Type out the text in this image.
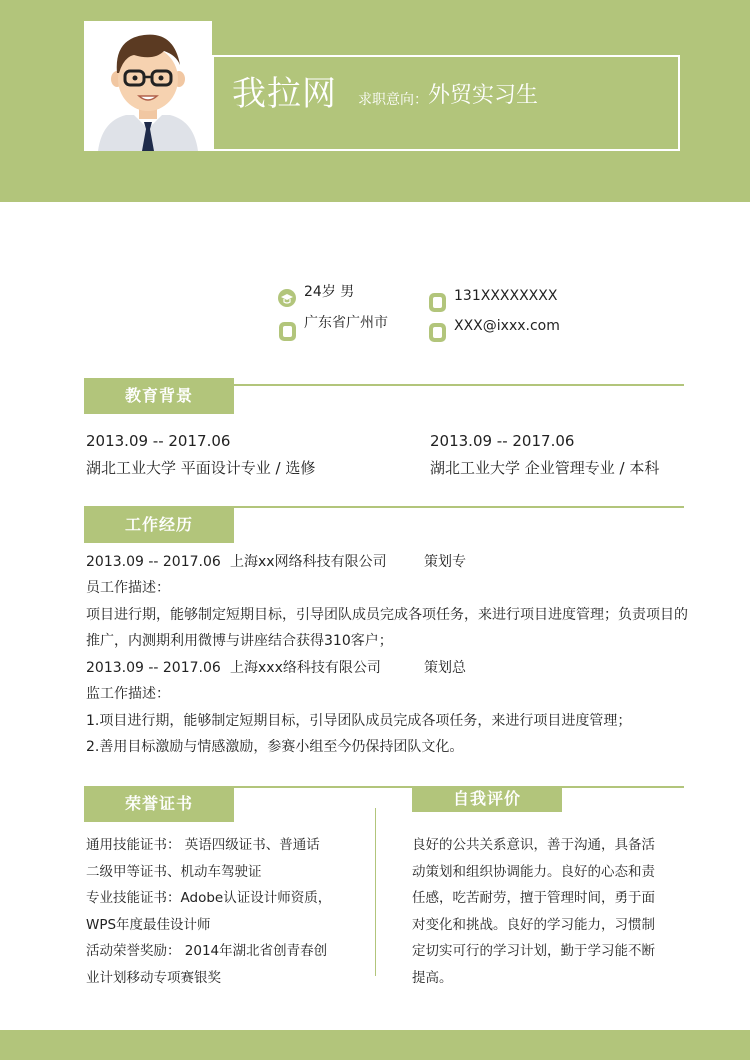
我拉网 求职意向： 外贸实习生
24岁 男
广东省广州市
131XXXXXXXX
XXX@ixxx.com
教育背景
2013.09 -- 2017.06
湖北工业大学 平面设计专业 / 选修
2013.09 -- 2017.06
湖北工业大学 企业管理专业 / 本科
工作经历
2013.09 -- 2017.06 上海xx网络科技有限公司	策划专
员工作描述：
项目进行期，能够制定短期目标，引导团队成员完成各项任务，来进行项目进度管理；负责项目的
推广，内测期利用微博与讲座结合获得310客户；
2013.09 -- 2017.06 上海xxx络科技有限公司	策划总
监工作描述：
1.项目进行期，能够制定短期目标，引导团队成员完成各项任务，来进行项目进度管理；
2.善用目标激励与情感激励，参赛小组至今仍保持团队文化。
荣誉证书	自我评价
通用技能证书： 英语四级证书、普通话
二级甲等证书、机动车驾驶证
专业技能证书：Adobe认证设计师资质，
WPS年度最佳设计师
活动荣誉奖励： 2014年湖北省创青春创
业计划移动专项赛银奖
良好的公共关系意识，善于沟通，具备活
动策划和组织协调能力。良好的心态和责
任感，吃苦耐劳，擅于管理时间，勇于面
对变化和挑战。良好的学习能力，习惯制
定切实可行的学习计划，勤于学习能不断
提高。
